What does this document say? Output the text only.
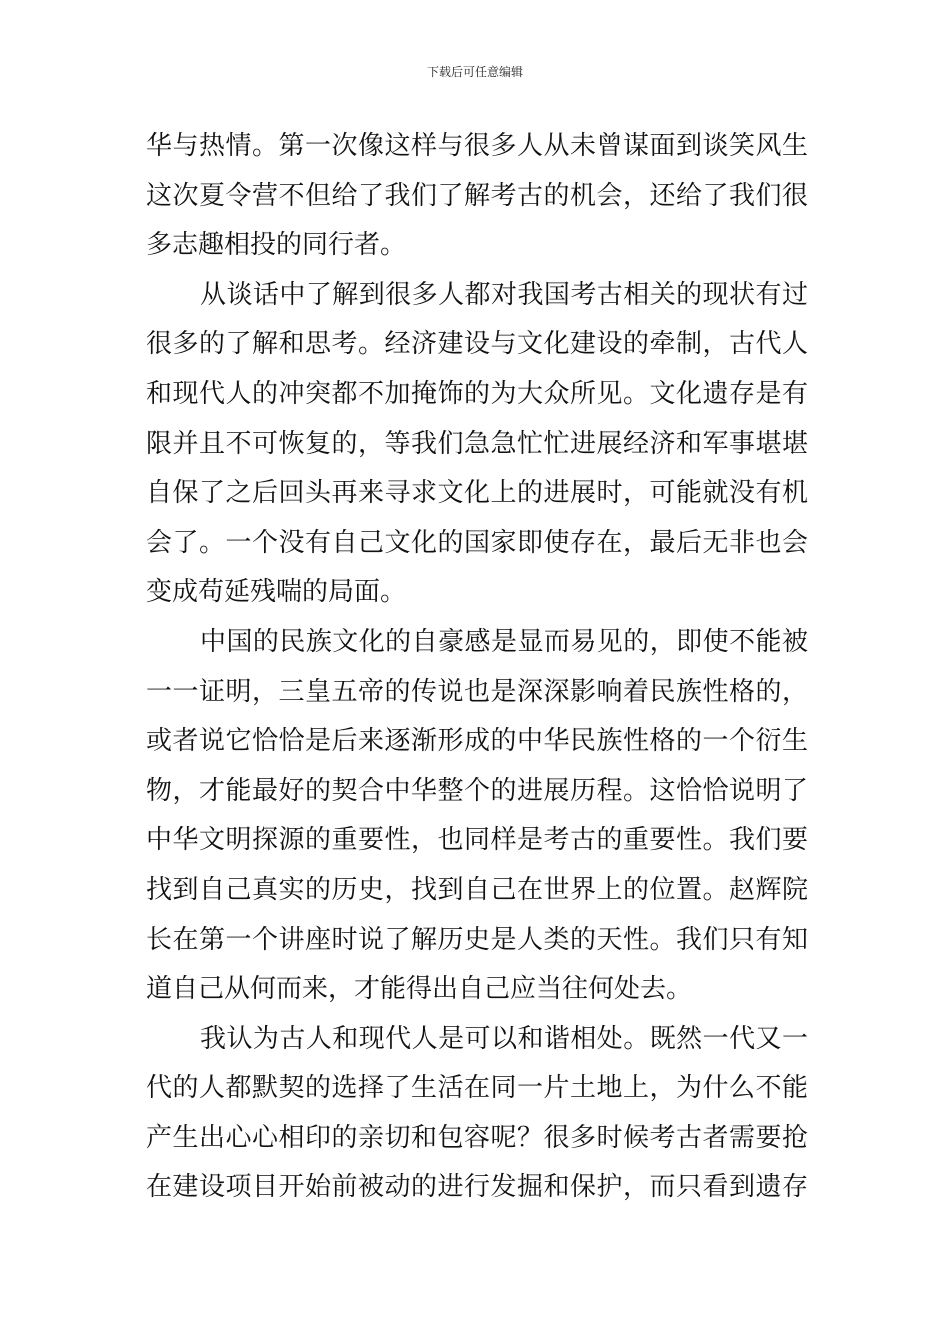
下载后可任意编辑
华与热情。第一次像这样与很多人从未曾谋面到谈笑风生
这次夏令营不但给了我们了解考古的机会，还给了我们很
多志趣相投的同行者。
从谈话中了解到很多人都对我国考古相关的现状有过
很多的了解和思考。经济建设与文化建设的牵制，古代人
和现代人的冲突都不加掩饰的为大众所见。文化遗存是有
限并且不可恢复的，等我们急急忙忙进展经济和军事堪堪
自保了之后回头再来寻求文化上的进展时，可能就没有机
会了。一个没有自己文化的国家即使存在，最后无非也会
变成苟延残喘的局面。
中国的民族文化的自豪感是显而易见的，即使不能被
一一证明，三皇五帝的传说也是深深影响着民族性格的，
或者说它恰恰是后来逐渐形成的中华民族性格的一个衍生
物，才能最好的契合中华整个的进展历程。这恰恰说明了
中华文明探源的重要性，也同样是考古的重要性。我们要
找到自己真实的历史，找到自己在世界上的位置。赵辉院
长在第一个讲座时说了解历史是人类的天性。我们只有知
道自己从何而来，才能得出自己应当往何处去。
我认为古人和现代人是可以和谐相处。既然一代又一
代的人都默契的选择了生活在同一片土地上，为什么不能
产生出心心相印的亲切和包容呢？很多时候考古者需要抢
在建设项目开始前被动的进行发掘和保护，而只看到遗存
